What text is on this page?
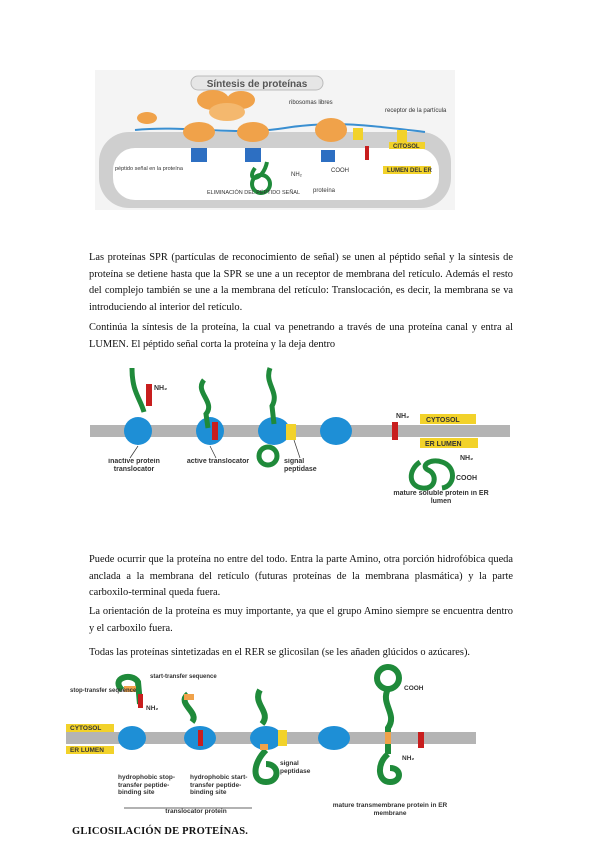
Síntesis de proteínas
ribosomas libres
receptor de la partícula
CITOSOL
péptido señal en la proteína
ELIMINACIÓN DEL PÉPTIDO SEÑAL
NH₂
COOH
proteína
LUMEN DEL ER

Las proteínas SPR (partículas de reconocimiento de señal) se unen al péptido señal y la síntesis de proteína se detiene hasta que la SPR se une a un receptor de membrana del retículo. Además el resto del complejo también se une a la membrana del retículo: Translocación, es decir, la membrana se va introduciendo al interior del retículo.

Continúa la síntesis de la proteína, la cual va penetrando a través de una proteína canal y entra al LUMEN. El péptido señal corta la proteína y la deja dentro

CYTOSOL
ER LUMEN
NH₂
NH₂
NH₂
COOH
inactive protein translocator
active translocator	signal peptidase
mature soluble protein in ER lumen

Puede ocurrir que la proteína no entre del todo. Entra la parte Amino, otra porción hidrofóbica queda anclada a la membrana del retículo (futuras proteínas de la membrana plasmática) y la parte carboxilo-terminal queda fuera.

La orientación de la proteína es muy importante, ya que el grupo Amino siempre se encuentra dentro y el carboxilo fuera.

Todas las proteínas sintetizadas en el RER se glicosilan (se les añaden glúcidos o azúcares).

CYTOSOL
ER LUMEN
NH₂
start-transfer sequence
stop-transfer sequence	COOH
NH₂
hydrophobic stop-transfer peptide-binding site
hydrophobic start-transfer peptide-binding site
translocator protein
signal peptidase
mature transmembrane protein in ER membrane
GLICOSILACIÓN DE PROTEÍNAS.
